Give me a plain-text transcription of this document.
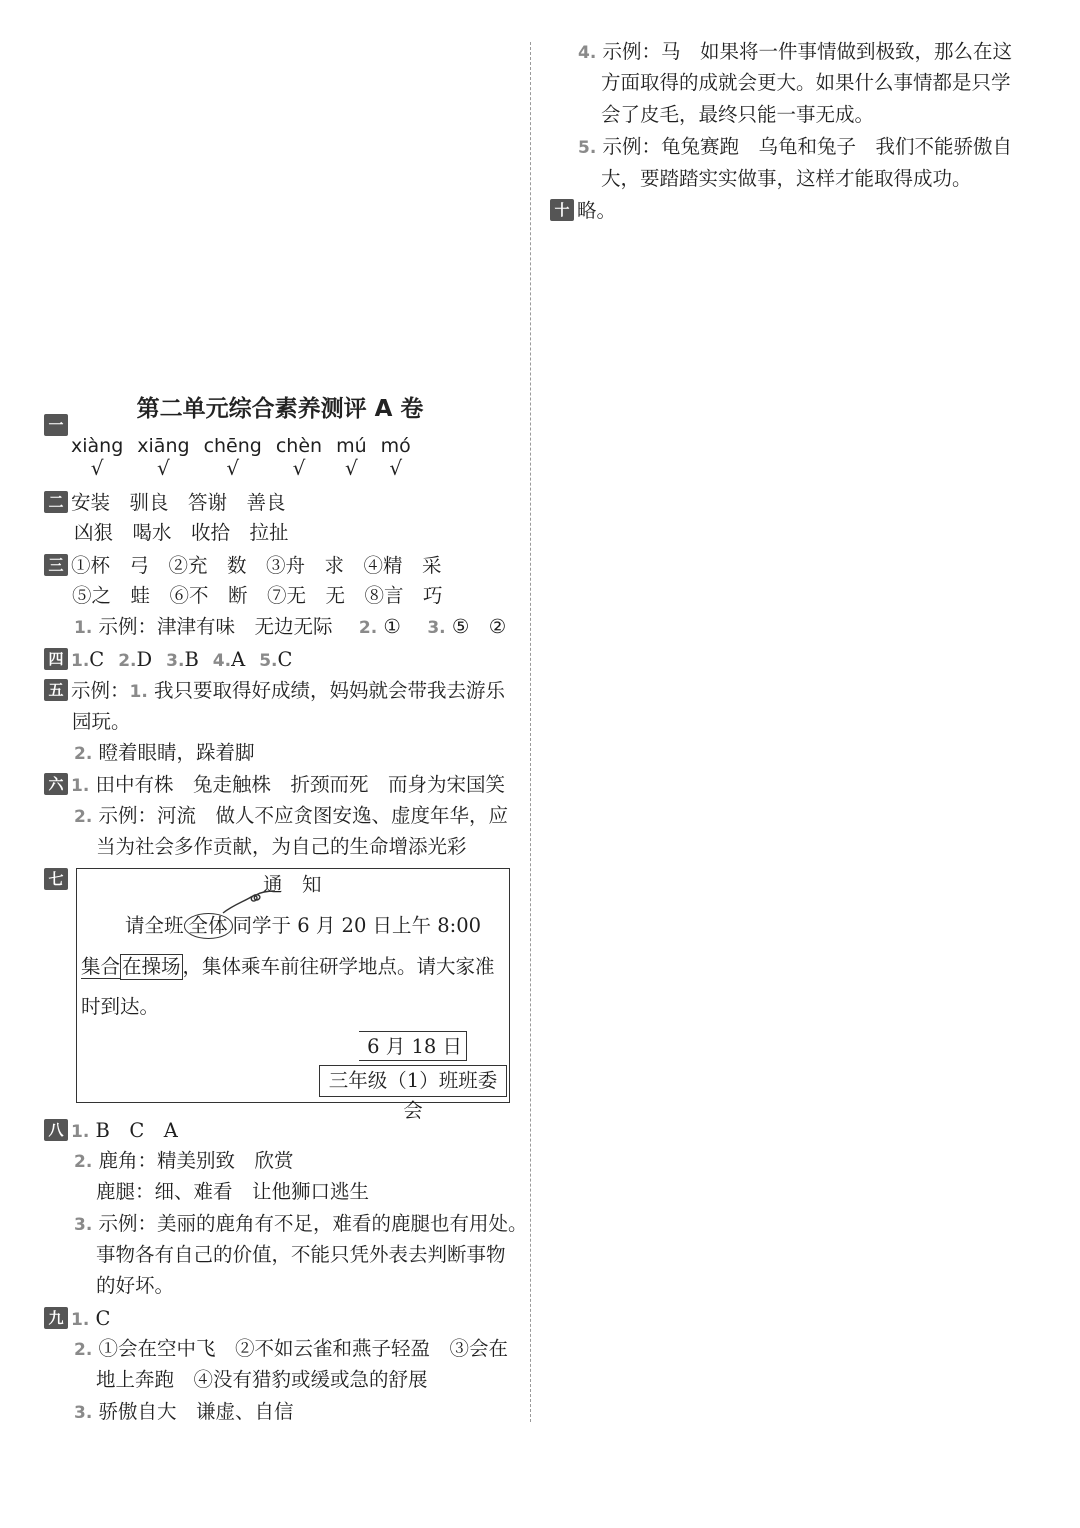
4. 示例：马　如果将一件事情做到极致，那么在这
方面取得的成就会更大。如果什么事情都是只学
会了皮毛，最终只能一事无成。
5. 示例：龟兔赛跑　乌龟和兔子　我们不能骄傲自
大，要踏踏实实做事，这样才能取得成功。
十 略。
第二单元综合素养测评 A 卷
一
xiàng
√
xiāng
√
chēng
√
chèn
√
mú
√
mó
√
二 安装　驯良　答谢　善良
凶狠　喝水　收拾　拉扯
三 ①杯　弓　②充　数　③舟　求　④精　采
⑤之　蛙　⑥不　断　⑦无　无　⑧言　巧
1. 示例：津津有味　无边无际 2. ① 3. ⑤　②
四 1.C 2.D 3.B 4.A 5.C
五 示例：1. 我只要取得好成绩，妈妈就会带我去游乐
园玩。
2. 瞪着眼睛，跺着脚
六 1. 田中有株　兔走触株　折颈而死　而身为宋国笑
2. 示例：河流　做人不应贪图安逸、虚度年华，应
当为社会多作贡献，为自己的生命增添光彩
七	通　知
请全班 全体 同学于 6 月 20 日上午 8:00
集合 在操场 ，集体乘车前往研学地点。请大家准
时到达。
6 月 18 日
三年级（1）班班委会
八 1. B　C　A
2. 鹿角：精美别致　欣赏
鹿腿：细、难看　让他狮口逃生
3. 示例：美丽的鹿角有不足，难看的鹿腿也有用处。
事物各有自己的价值，不能只凭外表去判断事物
的好坏。
九 1. C
2. ①会在空中飞　②不如云雀和燕子轻盈　③会在
地上奔跑　④没有猎豹或缓或急的舒展
3. 骄傲自大　谦虚、自信
